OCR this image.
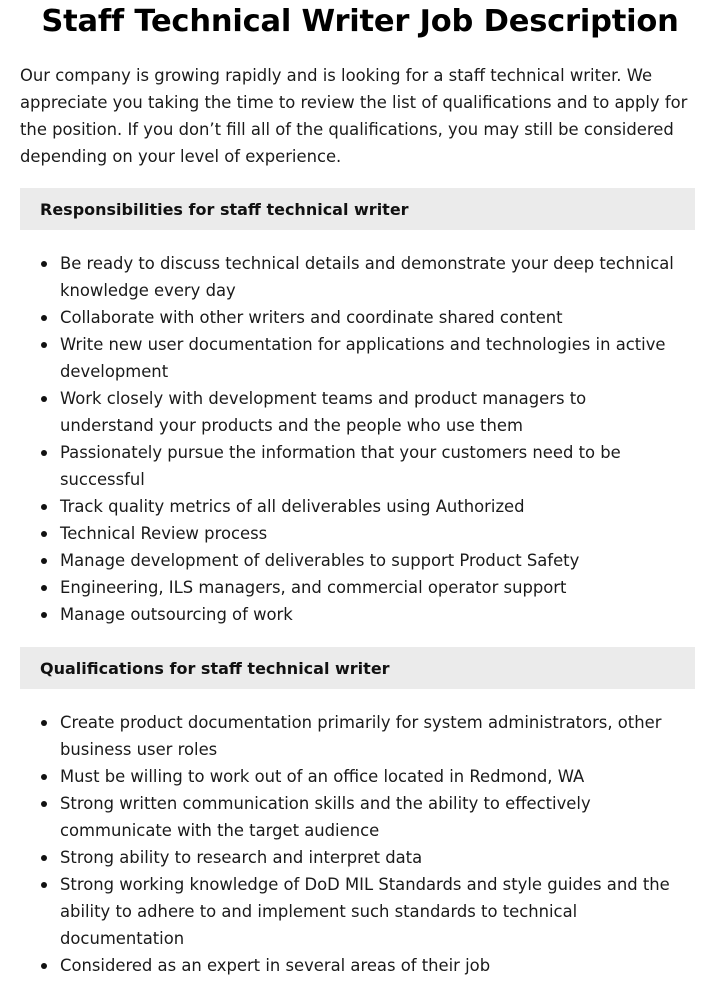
Staff Technical Writer Job Description

Our company is growing rapidly and is looking for a staff technical writer. We appreciate you taking the time to review the list of qualifications and to apply for the position. If you don’t fill all of the qualifications, you may still be considered depending on your level of experience.

Responsibilities for staff technical writer
Be ready to discuss technical details and demonstrate your deep technical knowledge every day
Collaborate with other writers and coordinate shared content
Write new user documentation for applications and technologies in active development
Work closely with development teams and product managers to understand your products and the people who use them
Passionately pursue the information that your customers need to be successful
Track quality metrics of all deliverables using Authorized
Technical Review process
Manage development of deliverables to support Product Safety
Engineering, ILS managers, and commercial operator support
Manage outsourcing of work
Qualifications for staff technical writer
Create product documentation primarily for system administrators, other business user roles
Must be willing to work out of an office located in Redmond, WA
Strong written communication skills and the ability to effectively communicate with the target audience
Strong ability to research and interpret data
Strong working knowledge of DoD MIL Standards and style guides and the ability to adhere to and implement such standards to technical documentation
Considered as an expert in several areas of their job
